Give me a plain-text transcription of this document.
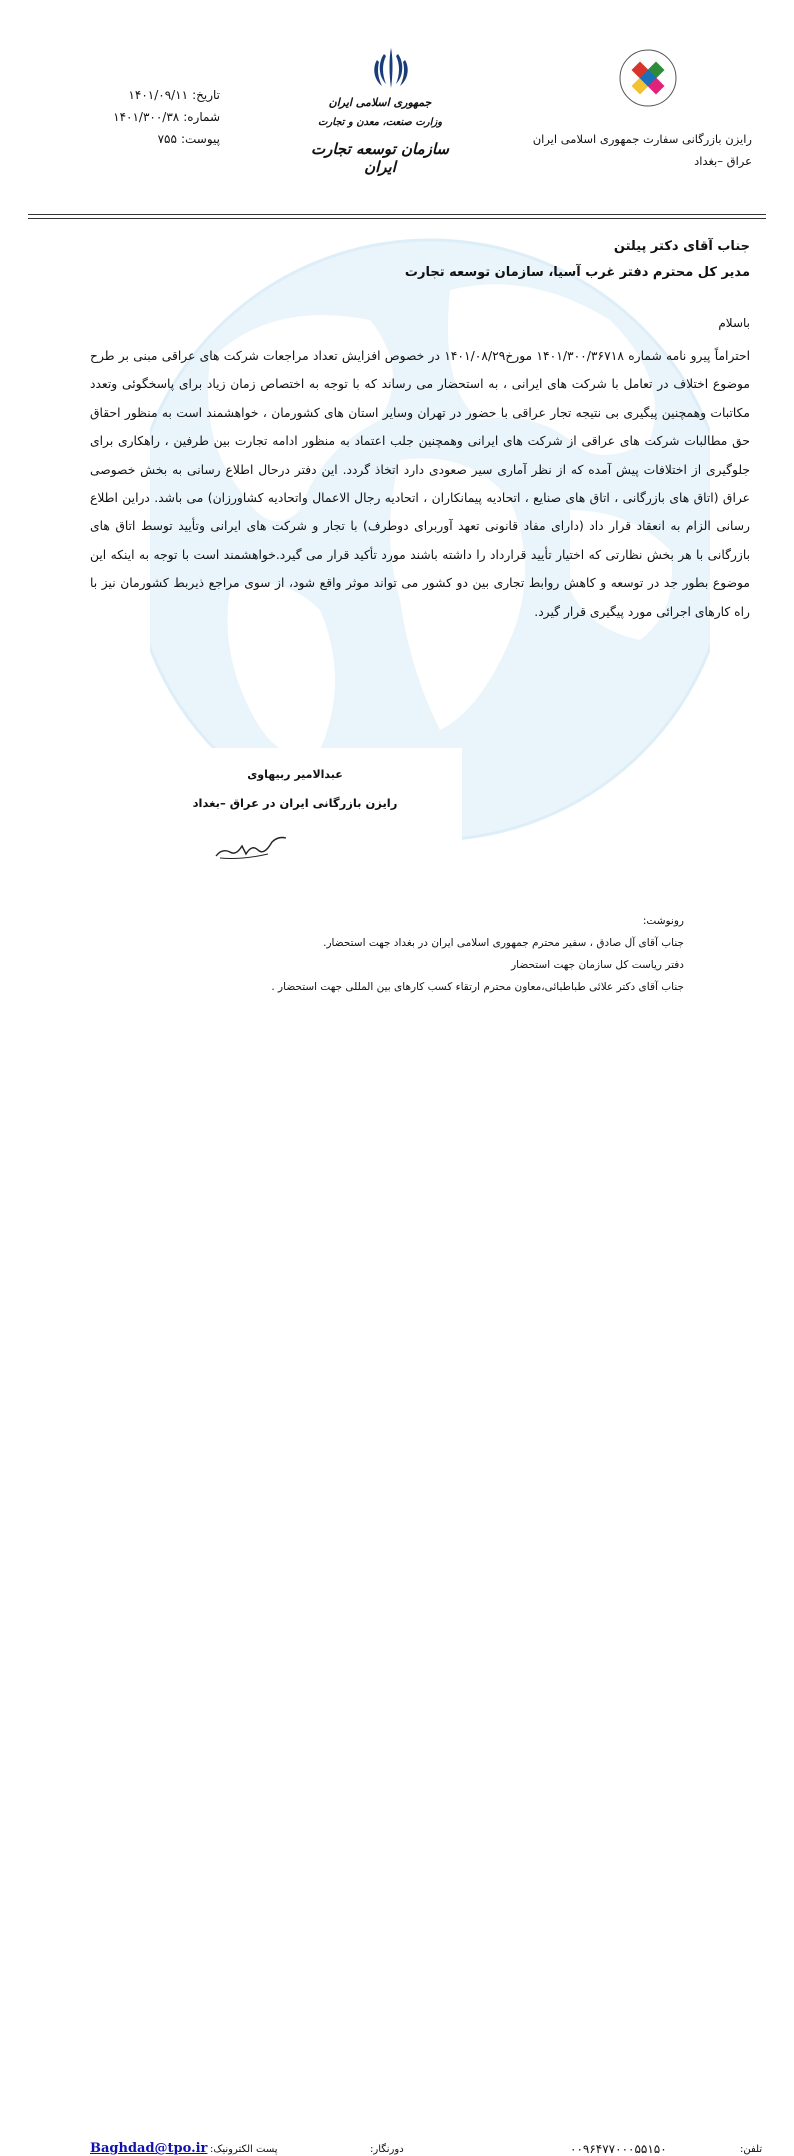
تاریخ:
۱۴۰۱/۰۹/۱۱
شماره:
۱۴۰۱/۳۰۰/۳۸
پیوست:
۷۵۵
جمهوری اسلامی ایران
وزارت صنعت، معدن و تجارت
سازمان توسعه تجارت ایران
رایزن بازرگانی سفارت جمهوری اسلامی ایران
عراق –بغداد
جناب آقای دکتر پیلتن
مدیر کل محترم دفتر غرب آسیا، سازمان توسعه تجارت
باسلام
احتراماً پیرو نامه شماره ۱۴۰۱/۳۰۰/۳۶۷۱۸ مورخ۱۴۰۱/۰۸/۲۹ در خصوص افزایش تعداد مراجعات شرکت های عراقی مبنی بر طرح موضوع اختلاف در تعامل با شرکت های ایرانی ، به استحضار می رساند که با توجه به اختصاص زمان زیاد برای پاسخگوئی وتعدد مکاتبات وهمچنین پیگیری بی نتیجه تجار عراقی با حضور در تهران وسایر استان های کشورمان ، خواهشمند است به منظور احقاق حق مطالبات شرکت های عراقی از شرکت های ایرانی وهمچنین جلب اعتماد به منظور ادامه تجارت بین طرفین ، راهکاری برای جلوگیری از اختلافات پیش آمده که از نظر آماری سیر صعودی دارد اتخاذ گردد. این دفتر درحال اطلاع رسانی به بخش خصوصی عراق (اتاق های بازرگانی ، اتاق های صنایع ، اتحادیه پیمانکاران ، اتحادیه رجال الاعمال واتحادیه کشاورزان) می باشد. دراین اطلاع رسانی الزام به انعقاد قرار داد (دارای مفاد قانونی تعهد آوربرای دوطرف) با تجار و شرکت های ایرانی وتأیید توسط اتاق های بازرگانی با هر بخش نظارتی که اختیار تأیید قرارداد را داشته باشند مورد تأکید قرار می گیرد.خواهشمند است با توجه به اینکه این موضوع بطور جد در توسعه و کاهش روابط تجاری بین دو کشور می تواند موثر واقع شود، از سوی مراجع ذیربط کشورمان نیز با راه کارهای اجرائی مورد پیگیری قرار گیرد.
عبدالامیر ربیهاوی
رایزن بازرگانی ایران در عراق –بغداد
رونوشت:
جناب آقای آل صادق ، سفیر محترم جمهوری اسلامی ایران در بغداد جهت استحضار.
دفتر ریاست کل سازمان جهت استحضار
جناب آقای دکتر علائی طباطبائی،معاون محترم ارتقاء کسب کارهای بین المللی جهت استحضار .
Baghdad@tpo.ir پست الکترونیک:	دورنگار:	۰۰۹۶۴۷۷۰۰۰۵۵۱۵۰	تلفن:
